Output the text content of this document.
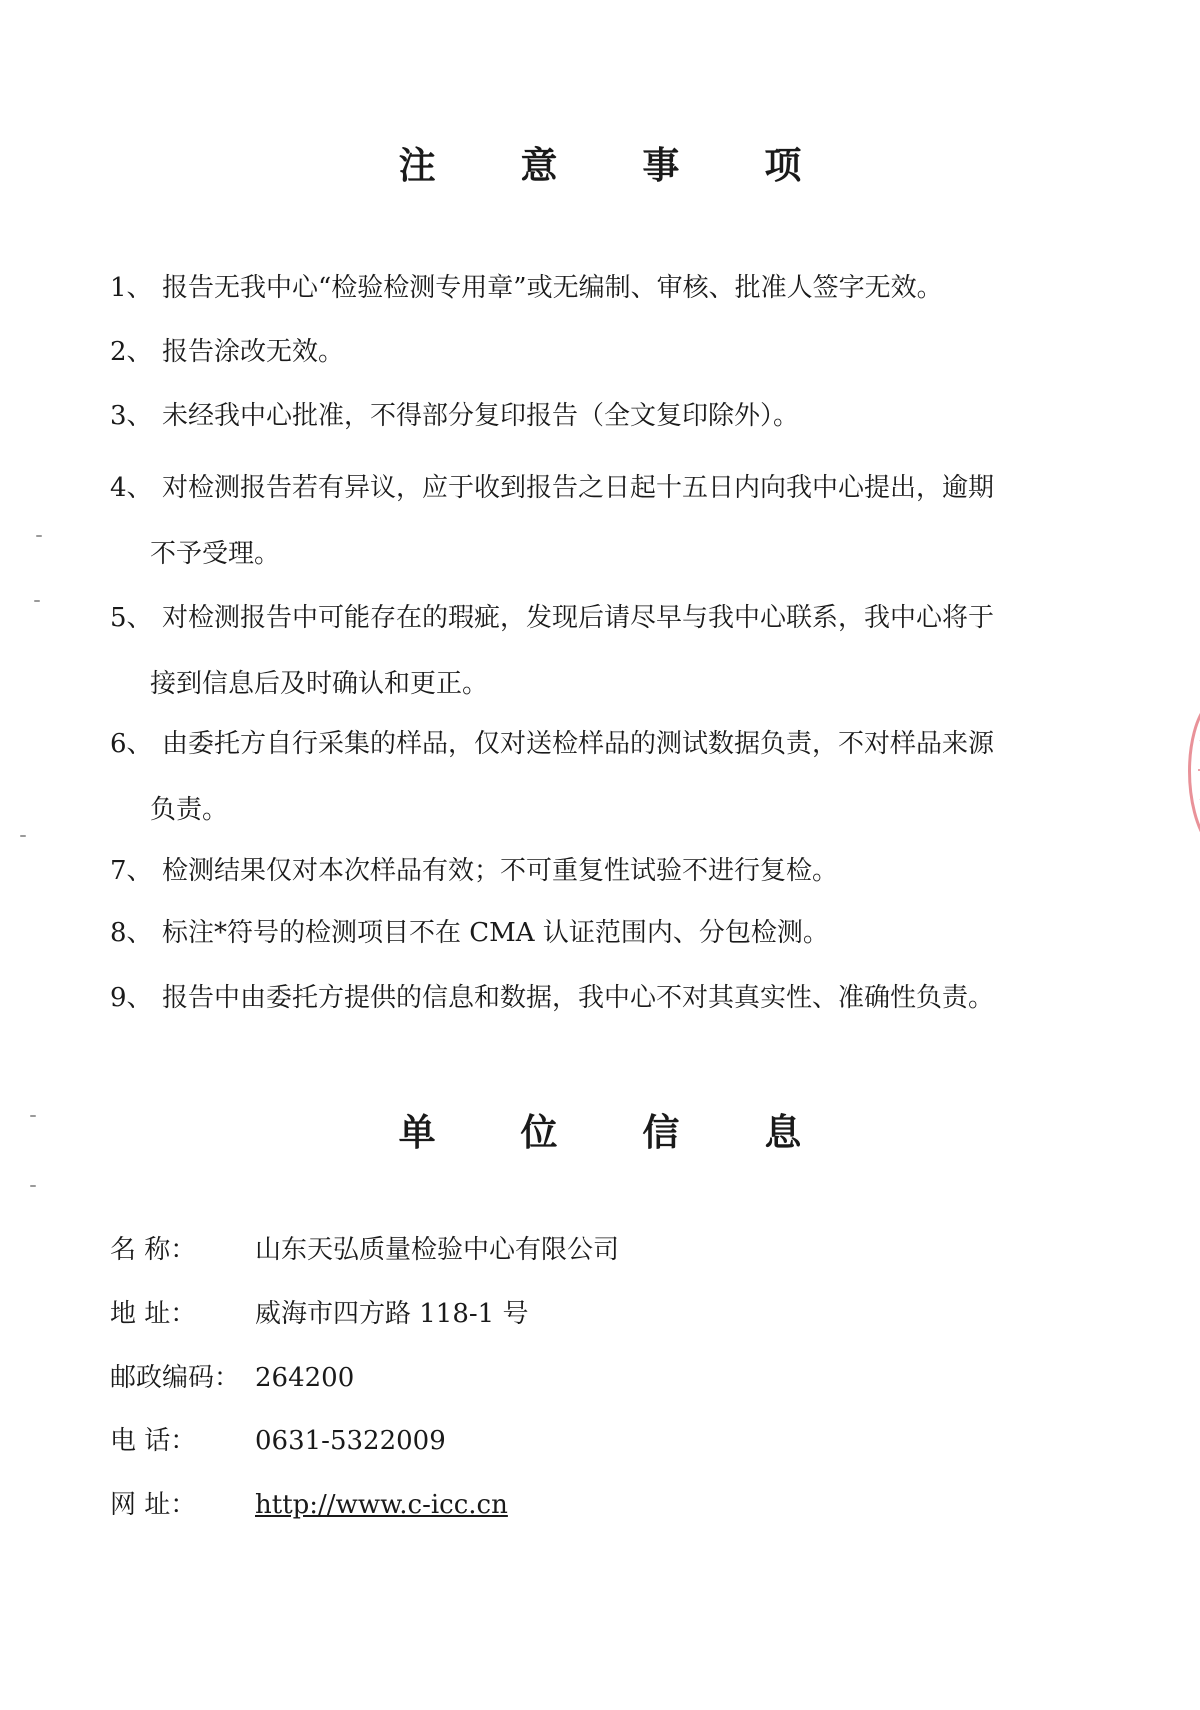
注 意 事 项
1、 报告无我中心“检验检测专用章”或无编制、审核、批准人签字无效。
2、 报告涂改无效。
3、 未经我中心批准，不得部分复印报告（全文复印除外）。
4、 对检测报告若有异议，应于收到报告之日起十五日内向我中心提出，逾期
不予受理。
5、 对检测报告中可能存在的瑕疵，发现后请尽早与我中心联系，我中心将于
接到信息后及时确认和更正。
6、 由委托方自行采集的样品，仅对送检样品的测试数据负责，不对样品来源
负责。
7、 检测结果仅对本次样品有效；不可重复性试验不进行复检。
8、 标注*符号的检测项目不在 CMA 认证范围内、分包检测。
9、 报告中由委托方提供的信息和数据，我中心不对其真实性、准确性负责。
单 位 信 息
名 称： 山东天弘质量检验中心有限公司
地 址： 威海市四方路 118-1 号
邮政编码： 264200
电 话： 0631-5322009
网 址： http://www.c-icc.cn
